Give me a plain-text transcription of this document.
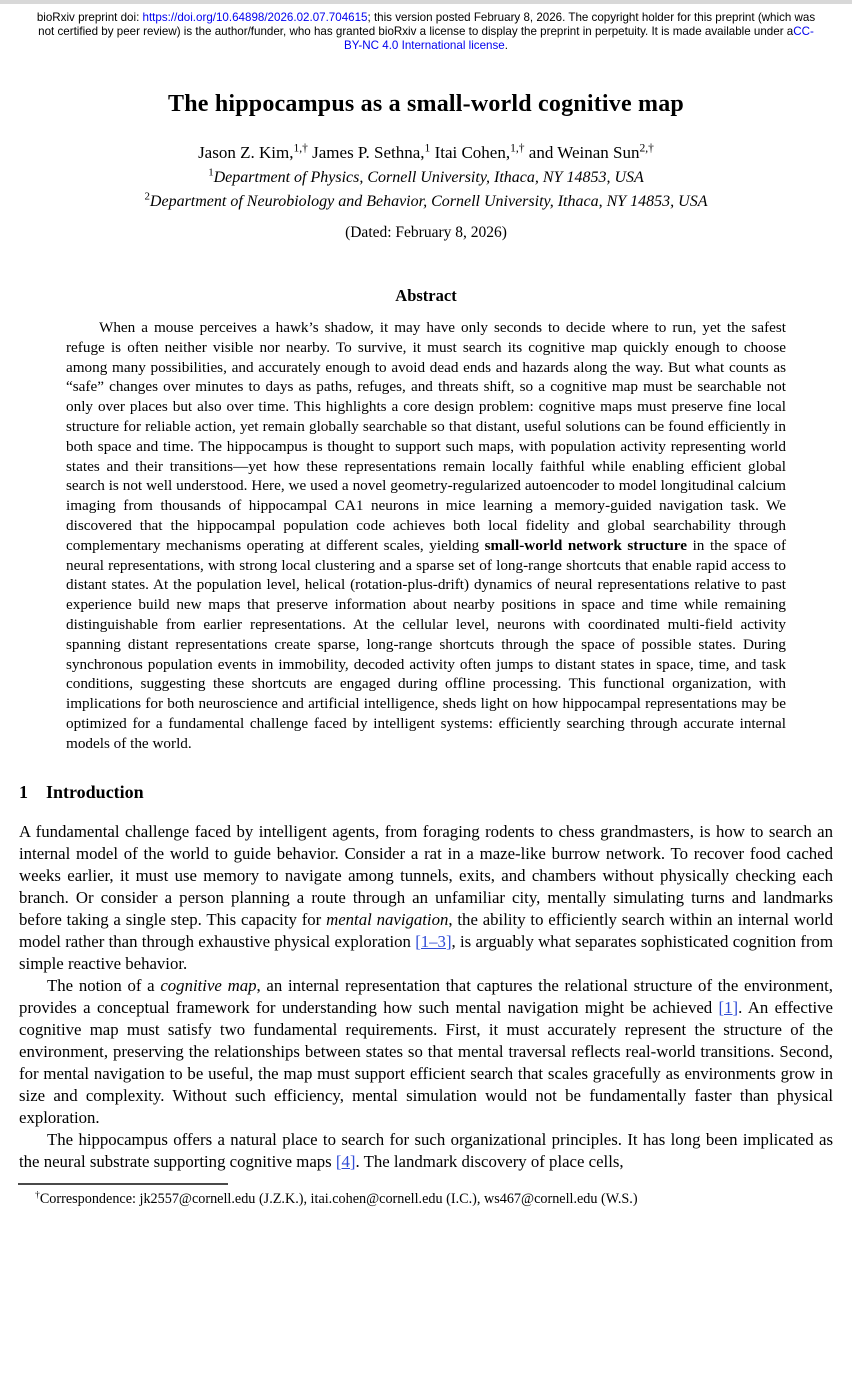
bioRxiv preprint doi: https://doi.org/10.64898/2026.02.07.704615; this version posted February 8, 2026. The copyright holder for this preprint (which was not certified by peer review) is the author/funder, who has granted bioRxiv a license to display the preprint in perpetuity. It is made available under aCC-BY-NC 4.0 International license.
The hippocampus as a small-world cognitive map
Jason Z. Kim,$^{1,\dagger}$ James P. Sethna,$^1$ Itai Cohen,$^{1,\dagger}$ and Weinan Sun$^{2,\dagger}$
$^1$Department of Physics, Cornell University, Ithaca, NY 14853, USA
$^2$Department of Neurobiology and Behavior, Cornell University, Ithaca, NY 14853, USA
(Dated: February 8, 2026)
Abstract

When a mouse perceives a hawk’s shadow, it may have only seconds to decide where to run, yet the safest refuge is often neither visible nor nearby. To survive, it must search its cognitive map quickly enough to choose among many possibilities, and accurately enough to avoid dead ends and hazards along the way. But what counts as “safe” changes over minutes to days as paths, refuges, and threats shift, so a cognitive map must be searchable not only over places but also over time. This highlights a core design problem: cognitive maps must preserve fine local structure for reliable action, yet remain globally searchable so that distant, useful solutions can be found efficiently in both space and time. The hippocampus is thought to support such maps, with population activity representing world states and their transitions—yet how these representations remain locally faithful while enabling efficient global search is not well understood. Here, we used a novel geometry-regularized autoencoder to model longitudinal calcium imaging from thousands of hippocampal CA1 neurons in mice learning a memory-guided navigation task. We discovered that the hippocampal population code achieves both local fidelity and global searchability through complementary mechanisms operating at different scales, yielding small-world network structure in the space of neural representations, with strong local clustering and a sparse set of long-range shortcuts that enable rapid access to distant states. At the population level, helical (rotation-plus-drift) dynamics of neural representations relative to past experience build new maps that preserve information about nearby positions in space and time while remaining distinguishable from earlier representations. At the cellular level, neurons with coordinated multi-field activity spanning distant representations create sparse, long-range shortcuts through the space of possible states. During synchronous population events in immobility, decoded activity often jumps to distant states in space, time, and task conditions, suggesting these shortcuts are engaged during offline processing. This functional organization, with implications for both neuroscience and artificial intelligence, sheds light on how hippocampal representations may be optimized for a fundamental challenge faced by intelligent systems: efficiently searching through accurate internal models of the world.

1 Introduction

A fundamental challenge faced by intelligent agents, from foraging rodents to chess grandmasters, is how to search an internal model of the world to guide behavior. Consider a rat in a maze-like burrow network. To recover food cached weeks earlier, it must use memory to navigate among tunnels, exits, and chambers without physically checking each branch. Or consider a person planning a route through an unfamiliar city, mentally simulating turns and landmarks before taking a single step. This capacity for mental navigation, the ability to efficiently search within an internal world model rather than through exhaustive physical exploration [1–3], is arguably what separates sophisticated cognition from simple reactive behavior.

The notion of a cognitive map, an internal representation that captures the relational structure of the environment, provides a conceptual framework for understanding how such mental navigation might be achieved [1]. An effective cognitive map must satisfy two fundamental requirements. First, it must accurately represent the structure of the environment, preserving the relationships between states so that mental traversal reflects real-world transitions. Second, for mental navigation to be useful, the map must support efficient search that scales gracefully as environments grow in size and complexity. Without such efficiency, mental simulation would not be fundamentally faster than physical exploration.

The hippocampus offers a natural place to search for such organizational principles. It has long been implicated as the neural substrate supporting cognitive maps [4]. The landmark discovery of place cells,

†Correspondence: jk2557@cornell.edu (J.Z.K.), itai.cohen@cornell.edu (I.C.), ws467@cornell.edu (W.S.)
